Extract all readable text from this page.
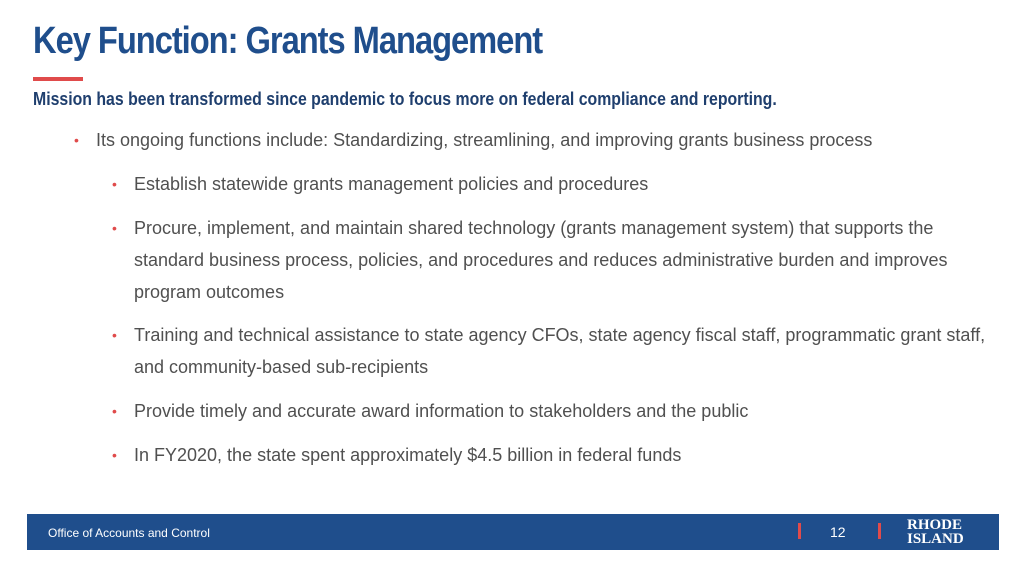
Key Function: Grants Management
Mission has been transformed since pandemic to focus more on federal compliance and reporting.
• Its ongoing functions include: Standardizing, streamlining, and improving grants business process
• Establish statewide grants management policies and procedures
• Procure, implement, and maintain shared technology (grants management system) that supports the standard business process, policies, and procedures and reduces administrative burden and improves program outcomes
• Training and technical assistance to state agency CFOs, state agency fiscal staff, programmatic grant staff, and community-based sub-recipients
• Provide timely and accurate award information to stakeholders and the public
• In FY2020, the state spent approximately $4.5 billion in federal funds
Office of Accounts and Control	12	RHODE
ISLAND
